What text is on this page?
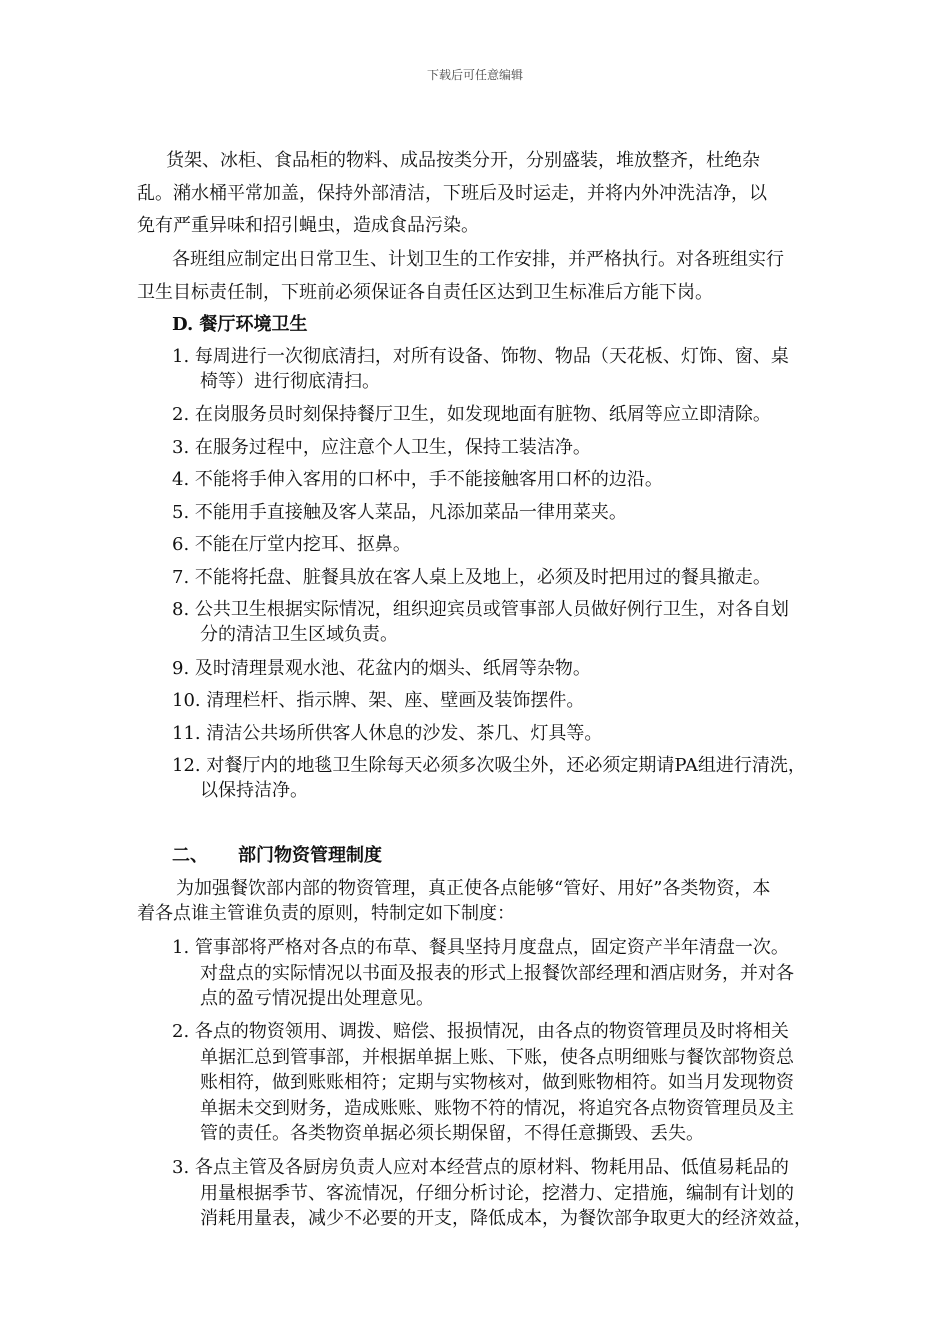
下载后可任意编辑
货架、冰柜、食品柜的物料、成品按类分开，分别盛装，堆放整齐，杜绝杂
乱。潲水桶平常加盖，保持外部清洁，下班后及时运走，并将内外冲洗洁净，以
免有严重异味和招引蝇虫，造成食品污染。
各班组应制定出日常卫生、计划卫生的工作安排，并严格执行。对各班组实行
卫生目标责任制，下班前必须保证各自责任区达到卫生标准后方能下岗。
D. 餐厅环境卫生
1. 每周进行一次彻底清扫，对所有设备、饰物、物品（天花板、灯饰、窗、桌
椅等）进行彻底清扫。
2. 在岗服务员时刻保持餐厅卫生，如发现地面有脏物、纸屑等应立即清除。
3. 在服务过程中，应注意个人卫生，保持工装洁净。
4. 不能将手伸入客用的口杯中，手不能接触客用口杯的边沿。
5. 不能用手直接触及客人菜品，凡添加菜品一律用菜夹。
6. 不能在厅堂内挖耳、抠鼻。
7. 不能将托盘、脏餐具放在客人桌上及地上，必须及时把用过的餐具撤走。
8. 公共卫生根据实际情况，组织迎宾员或管事部人员做好例行卫生，对各自划
分的清洁卫生区域负责。
9. 及时清理景观水池、花盆内的烟头、纸屑等杂物。
10. 清理栏杆、指示牌、架、座、壁画及装饰摆件。
11. 清洁公共场所供客人休息的沙发、茶几、灯具等。
12. 对餐厅内的地毯卫生除每天必须多次吸尘外，还必须定期请PA组进行清洗，
以保持洁净。
二、 部门物资管理制度
为加强餐饮部内部的物资管理，真正使各点能够“管好、用好”各类物资，本
着各点谁主管谁负责的原则，特制定如下制度：
1. 管事部将严格对各点的布草、餐具坚持月度盘点，固定资产半年清盘一次。
对盘点的实际情况以书面及报表的形式上报餐饮部经理和酒店财务，并对各
点的盈亏情况提出处理意见。
2. 各点的物资领用、调拨、赔偿、报损情况，由各点的物资管理员及时将相关
单据汇总到管事部，并根据单据上账、下账，使各点明细账与餐饮部物资总
账相符，做到账账相符；定期与实物核对，做到账物相符。如当月发现物资
单据未交到财务，造成账账、账物不符的情况，将追究各点物资管理员及主
管的责任。各类物资单据必须长期保留，不得任意撕毁、丢失。
3. 各点主管及各厨房负责人应对本经营点的原材料、物耗用品、低值易耗品的
用量根据季节、客流情况，仔细分析讨论，挖潜力、定措施，编制有计划的
消耗用量表，减少不必要的开支，降低成本，为餐饮部争取更大的经济效益，
